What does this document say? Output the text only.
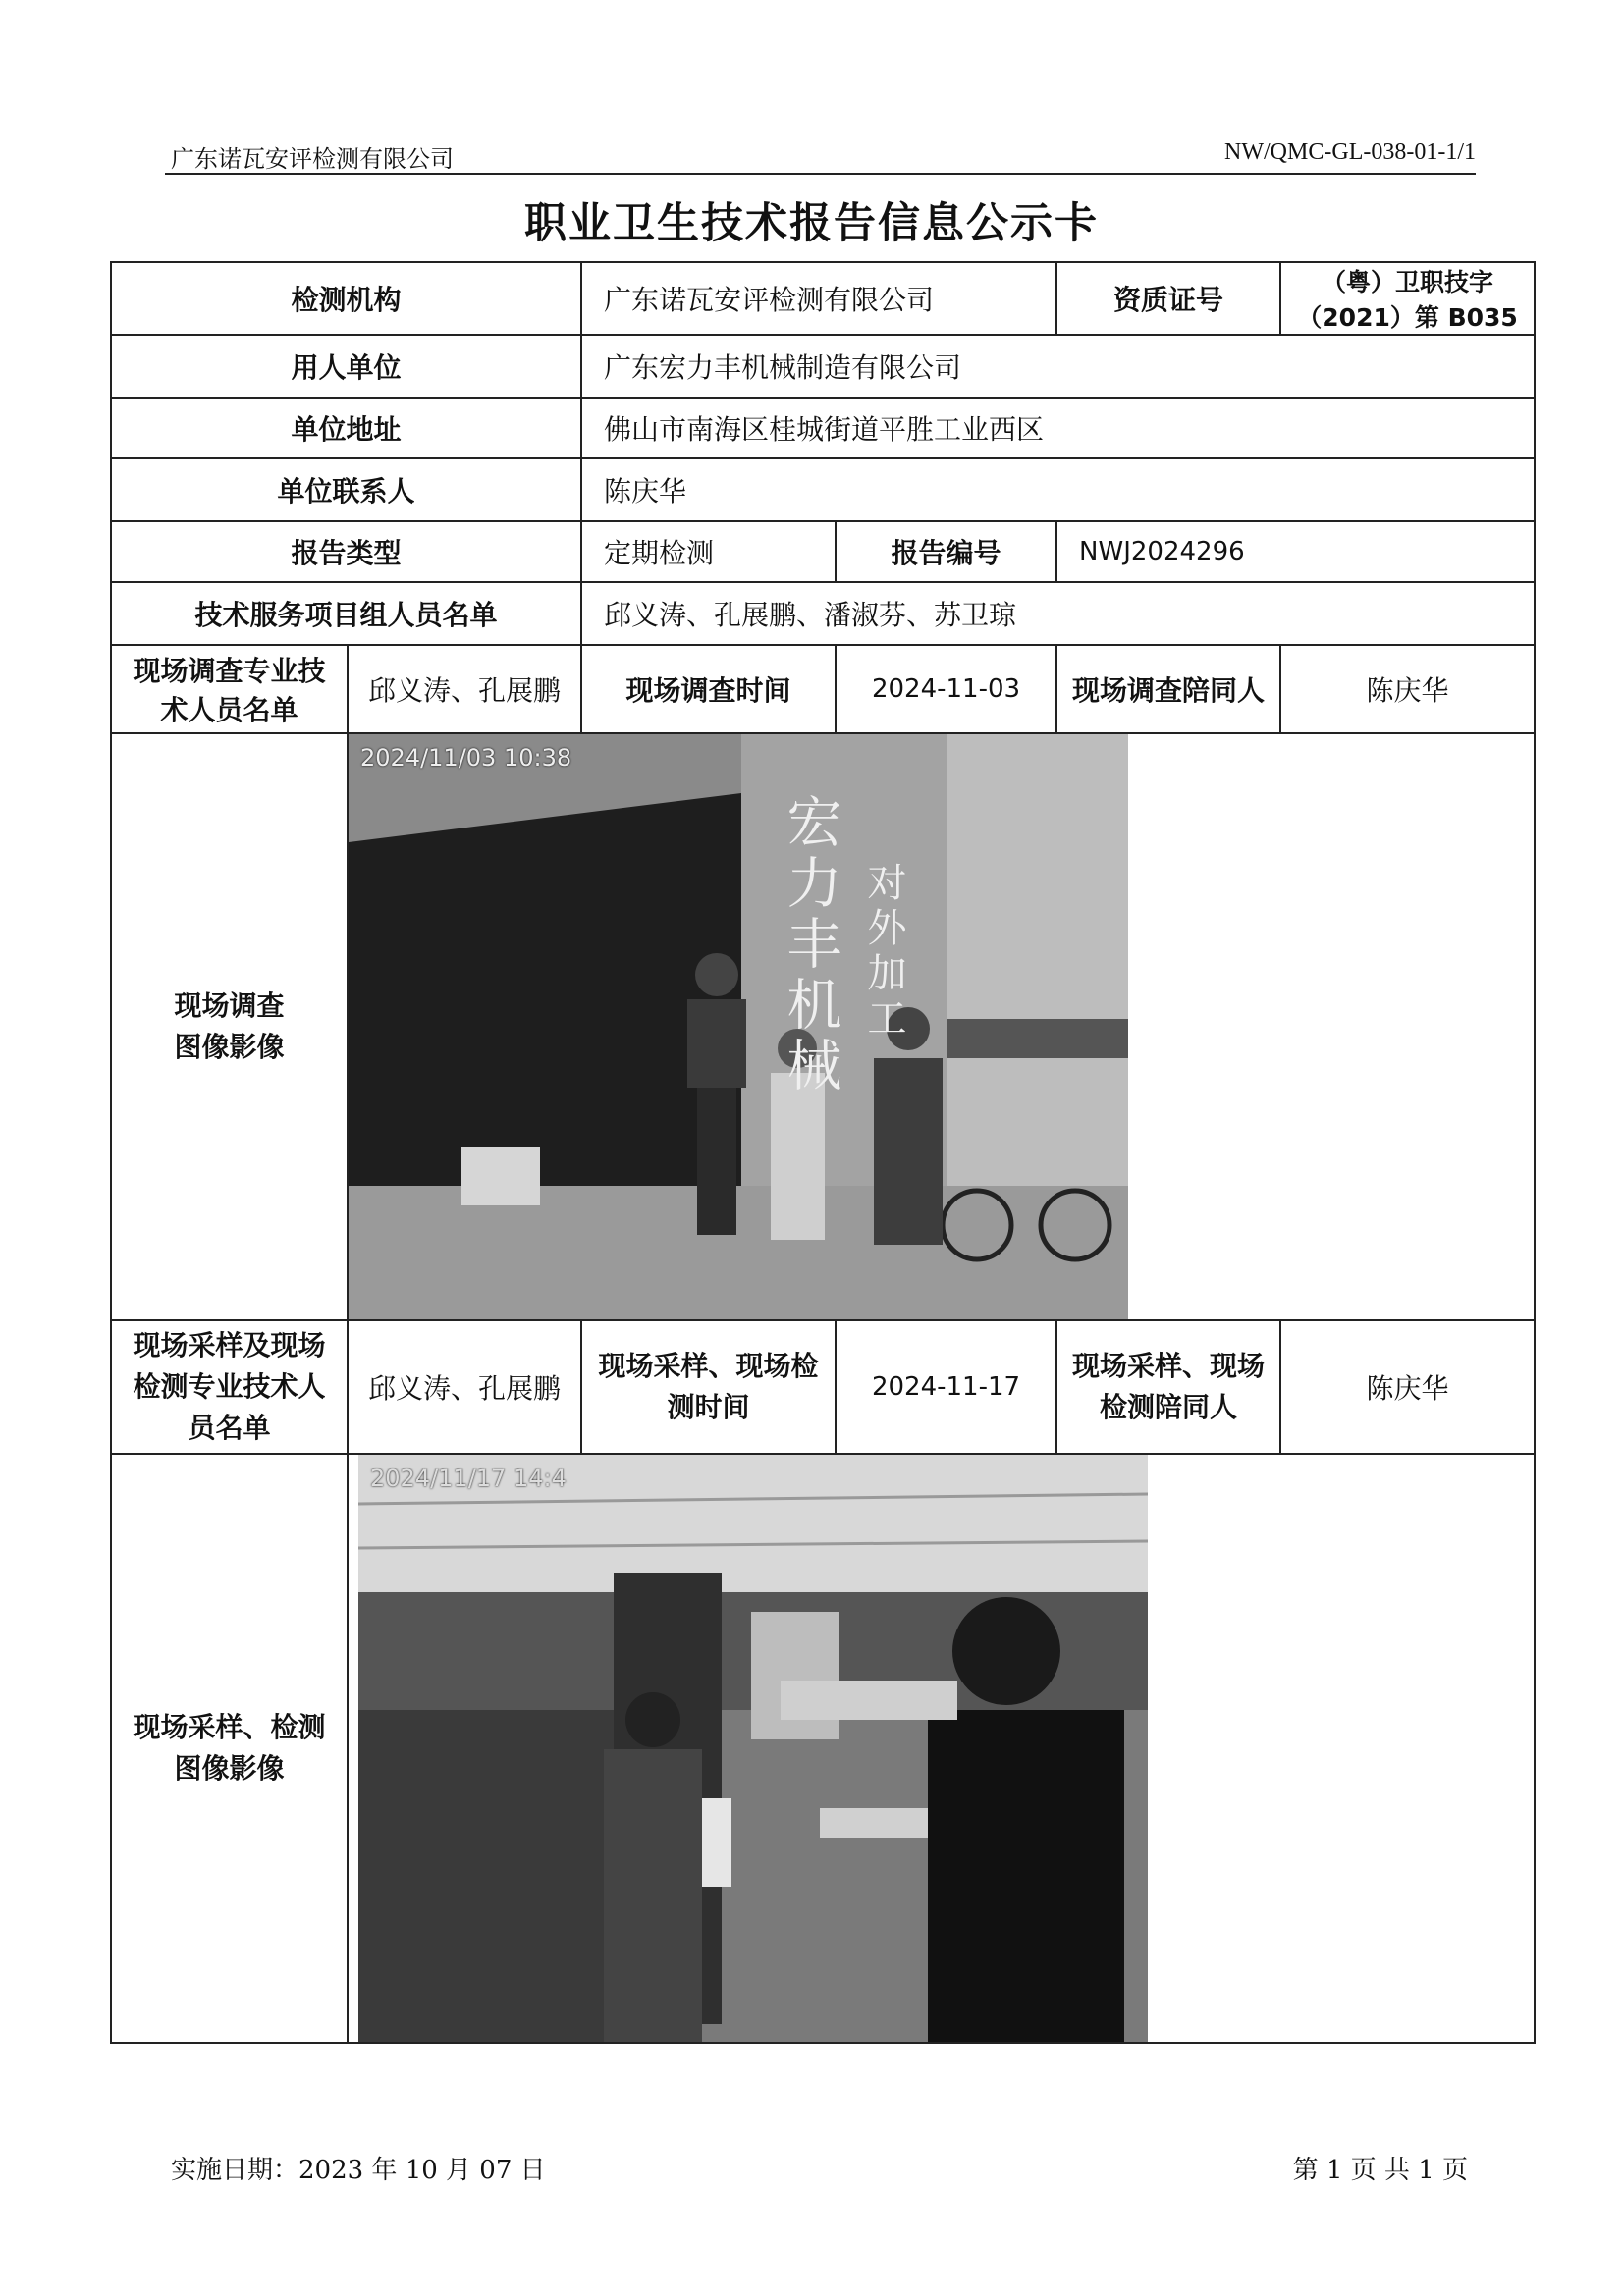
广东诺瓦安评检测有限公司	NW/QMC-GL-038-01-1/1
职业卫生技术报告信息公示卡
检测机构		广东诺瓦安评检测有限公司		资质证号	（粤）卫职技字（2021）第 B035
用人单位		广东宏力丰机械制造有限公司			
单位地址		佛山市南海区桂城街道平胜工业西区			
单位联系人		陈庆华			
报告类型		定期检测	报告编号	NWJ2024296	
技术服务项目组人员名单		邱义涛、孔展鹏、潘淑芬、苏卫琼			
现场调查专业技术人员名单	邱义涛、孔展鹏	现场调查时间	2024-11-03	现场调查陪同人	陈庆华
现场调查图像影像	宏力丰机械 对外加工
2024/11/03 10:38				

现场采样及现场检测专业技术人员名单	邱义涛、孔展鹏	现场采样、现场检测时间	2024-11-17	现场采样、现场检测陪同人	陈庆华
现场采样、检测图像影像	2024/11/17 14:4				
实施日期：2023 年 10 月 07 日	第 1 页 共 1 页
